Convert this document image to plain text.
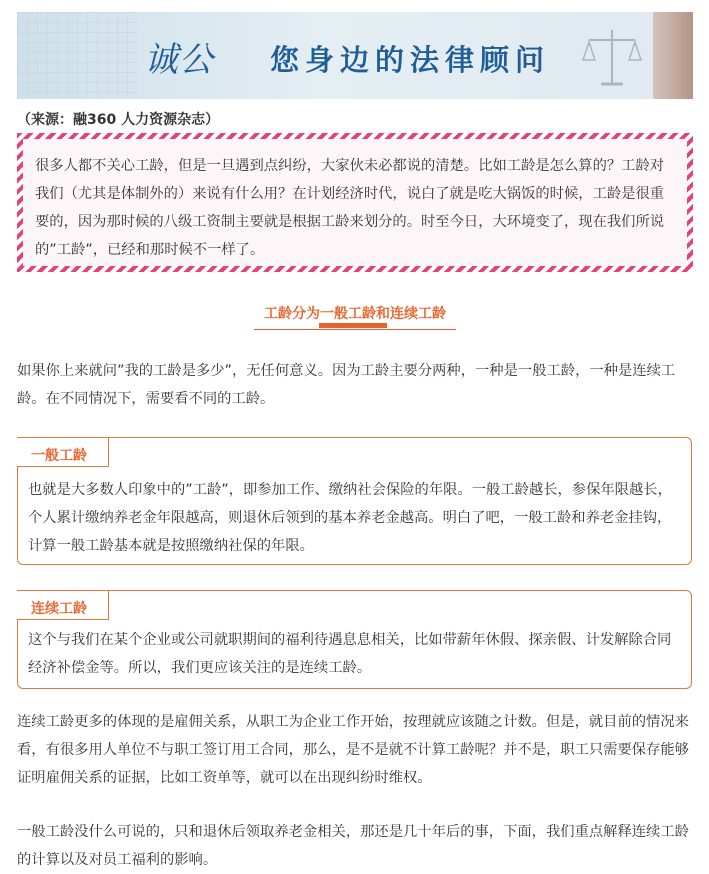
诚公 您身边的法律顾问
（来源：融360 人力资源杂志）
很多人都不关心工龄，但是一旦遇到点纠纷，大家伙未必都说的清楚。比如工龄是怎么算的？工龄对我们（尤其是体制外的）来说有什么用？在计划经济时代，说白了就是吃大锅饭的时候，工龄是很重要的，因为那时候的八级工资制主要就是根据工龄来划分的。时至今日，大环境变了，现在我们所说的”工龄”，已经和那时候不一样了。
工龄分为一般工龄和连续工龄
如果你上来就问”我的工龄是多少”，无任何意义。因为工龄主要分两种，一种是一般工龄，一种是连续工龄。在不同情况下，需要看不同的工龄。
也就是大多数人印象中的”工龄”，即参加工作、缴纳社会保险的年限。一般工龄越长，参保年限越长，个人累计缴纳养老金年限越高，则退休后领到的基本养老金越高。明白了吧，一般工龄和养老金挂钩，计算一般工龄基本就是按照缴纳社保的年限。
一般工龄
这个与我们在某个企业或公司就职期间的福利待遇息息相关，比如带薪年休假、探亲假、计发解除合同经济补偿金等。所以，我们更应该关注的是连续工龄。
连续工龄
连续工龄更多的体现的是雇佣关系，从职工为企业工作开始，按理就应该随之计数。但是，就目前的情况来看，有很多用人单位不与职工签订用工合同，那么，是不是就不计算工龄呢？并不是，职工只需要保存能够证明雇佣关系的证据，比如工资单等，就可以在出现纠纷时维权。
一般工龄没什么可说的，只和退休后领取养老金相关，那还是几十年后的事，下面，我们重点解释连续工龄的计算以及对员工福利的影响。
